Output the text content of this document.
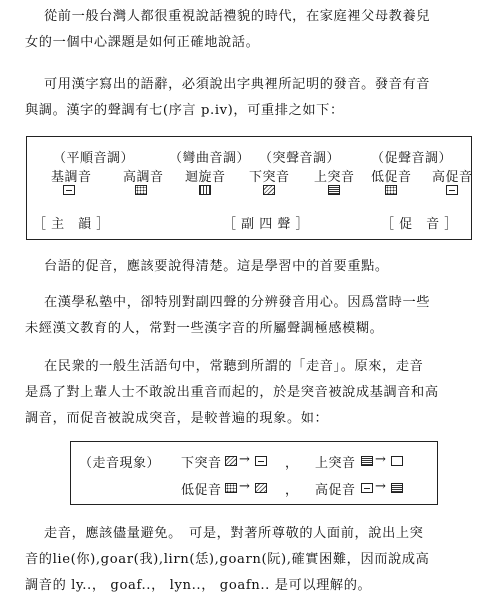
從前一般台灣人都很重視說話禮貌的時代，在家庭裡父母教養兒
女的一個中心課題是如何正確地說話。
可用漢字寫出的語辭，必須說出字典裡所記明的發音。發音有音
與調。漢字的聲調有七(序言 p.iv)，可重排之如下：
（平順音調）	（彎曲音調） （突聲音調） （促聲音調）
基調音 高調音 迴旋音 下突音 上突音 低促音 高促音
［ 主　韻 ］	［ 副 四 聲 ］	［ 促　音 ］
台語的促音，應該要說得清楚。這是學習中的首要重點。
在漢學私塾中，卻特別對副四聲的分辨發音用心。因爲當時一些
未經漢文教育的人，常對一些漢字音的所屬聲調極感模糊。
在民衆的一般生活語句中，常聽到所謂的「走音」。原來，走音
是爲了對上輩人士不敢說出重音而起的，於是突音被說成基調音和高
調音，而促音被說成突音，是較普遍的現象。如：
（走音現象） 下突音 →	， 上突音 →
低促音 →	， 高促音 →
走音，應該儘量避免。　可是，對著所尊敬的人面前，說出上突
音的lie(你),goar(我),lirn(恁),goarn(阮),確實困難，因而說成高
調音的 ly..， goaf..， lyn..， goafn.. 是可以理解的。
